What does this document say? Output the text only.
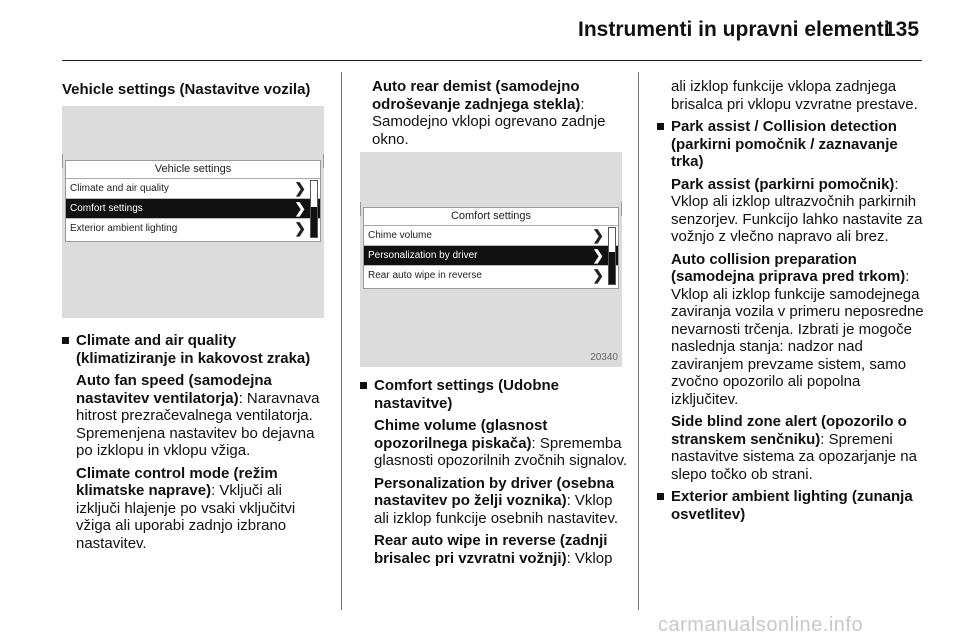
Instrumenti in upravni elementi
135
Vehicle settings (Nastavitve vozila)
Vehicle settings
Climate and air quality	❯
Comfort settings	❯
Exterior ambient lighting	❯
Climate and air quality (klimatiziranje in kakovost zraka)

Auto fan speed (samodejna nastavitev ventilatorja): Naravnava hitrost prezračevalnega ventilatorja. Spremenjena nastavitev bo dejavna po izklopu in vklopu vžiga.

Climate control mode (režim klimatske naprave): Vključi ali izključi hlajenje po vsaki vključitvi vžiga ali uporabi zadnjo izbrano nastavitev.

Auto rear demist (samodejno odroševanje zadnjega stekla): Samodejno vklopi ogrevano zadnje okno.

Comfort settings
Chime volume	❯
Personalization by driver	❯
Rear auto wipe in reverse	❯
20340
Comfort settings (Udobne nastavitve)

Chime volume (glasnost opozorilnega piskača): Sprememba glasnosti opozorilnih zvočnih signalov.

Personalization by driver (osebna nastavitev po želji voznika): Vklop ali izklop funkcije osebnih nastavitev.

Rear auto wipe in reverse (zadnji brisalec pri vzvratni vožnji): Vklop

ali izklop funkcije vklopa zadnjega brisalca pri vklopu vzvratne prestave.

Park assist / Collision detection (parkirni pomočnik / zaznavanje trka)

Park assist (parkirni pomočnik): Vklop ali izklop ultrazvočnih parkirnih senzorjev. Funkcijo lahko nastavite za vožnjo z vlečno napravo ali brez.

Auto collision preparation (samodejna priprava pred trkom): Vklop ali izklop funkcije samodejnega zaviranja vozila v primeru neposredne nevarnosti trčenja. Izbrati je mogoče naslednja stanja: nadzor nad zaviranjem prevzame sistem, samo zvočno opozorilo ali popolna izključitev.

Side blind zone alert (opozorilo o stranskem senčniku): Spremeni nastavitve sistema za opozarjanje na slepo točko ob strani.

Exterior ambient lighting (zunanja osvetlitev)
carmanualsonline.info
